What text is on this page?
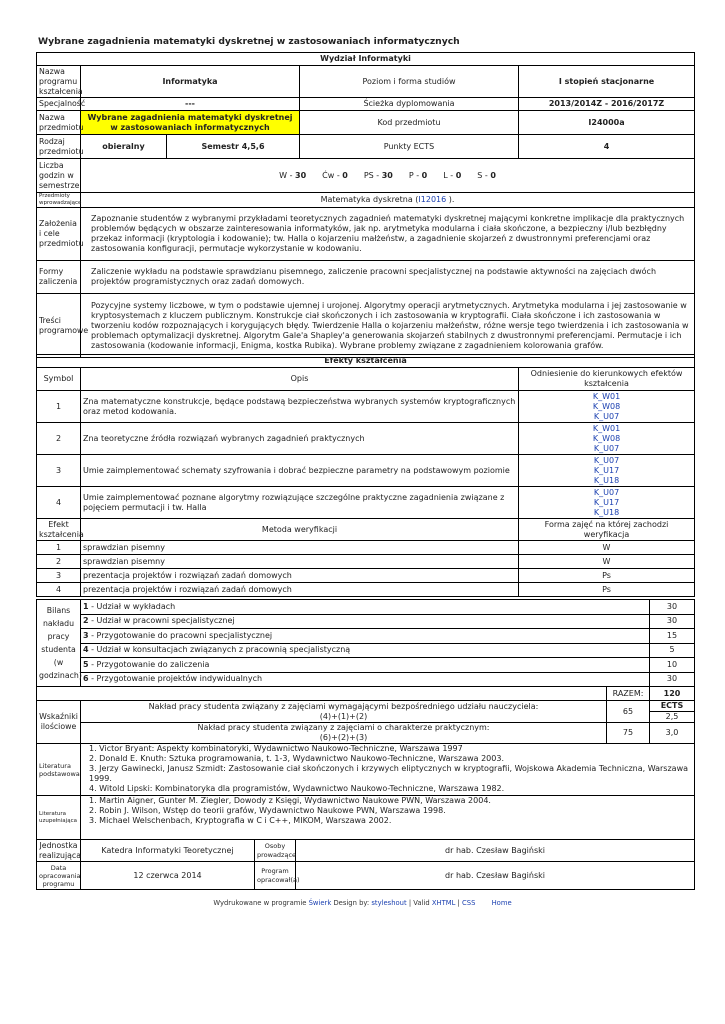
Wybrane zagadnienia matematyki dyskretnej w zastosowaniach informatycznych
Wydział Informatyki				
Nazwa programu kształcenia	Informatyka		Poziom i forma studiów	I stopień stacjonarne
Specjalność	---		Ścieżka dyplomowania	2013/2014Z - 2016/2017Z
Nazwa przedmiotu	Wybrane zagadnienia matematyki dyskretnej w zastosowaniach informatycznych		Kod przedmiotu	I24000a
Rodzaj przedmiotu	obieralny	Semestr 4,5,6	Punkty ECTS	4
Liczba godzin w semestrze	W - 30 Ćw - 0 PS - 30 P - 0 L - 0 S - 0			
Przedmioty wprowadzające	Matematyka dyskretna (I12016 ).			
Założenia i cele przedmiotu	Zapoznanie studentów z wybranymi przykładami teoretycznych zagadnień matematyki dyskretnej mającymi konkretne implikacje dla praktycznych problemów będących w obszarze zainteresowania informatyków, jak np. arytmetyka modularna i ciała skończone, a bezpieczny i/lub bezbłędny przekaz informacji (kryptologia i kodowanie); tw. Halla o kojarzeniu małżeństw, a zagadnienie skojarzeń z dwustronnymi preferencjami oraz zastosowania konfiguracji, permutacje wykorzystanie w kodowaniu.			
Formy zaliczenia	Zaliczenie wykładu na podstawie sprawdzianu pisemnego, zaliczenie pracowni specjalistycznej na podstawie aktywności na zajęciach dwóch projektów programistycznych oraz zadań domowych.			
Treści programowe	Pozycyjne systemy liczbowe, w tym o podstawie ujemnej i urojonej. Algorytmy operacji arytmetycznych. Arytmetyka modularna i jej zastosowanie w kryptosystemach z kluczem publicznym. Konstrukcje ciał skończonych i ich zastosowania w kryptografii. Ciała skończone i ich zastosowania w tworzeniu kodów rozpoznających i korygujących błędy. Twierdzenie Halla o kojarzeniu małżeństw, różne wersje tego twierdzenia i ich zastosowania w problemach optymalizacji dyskretnej. Algorytm Gale'a Shapley'a generowania skojarzeń stabilnych z dwustronnymi preferencjami. Permutacje i ich zastosowania (kodowanie informacji, Enigma, kostka Rubika). Wybrane problemy związane z zagadnieniem kolorowania grafów.			
Efekty kształcenia		
Symbol	Opis	Odniesienie do kierunkowych efektów kształcenia
1	Zna matematyczne konstrukcje, będące podstawą bezpieczeństwa wybranych systemów kryptograficznych oraz metod kodowania.	K_W01
K_W08
K_U07

2	Zna teoretyczne źródła rozwiązań wybranych zagadnień praktycznych	K_W01
K_W08
K_U07

3	Umie zaimplementować schematy szyfrowania i dobrać bezpieczne parametry na podstawowym poziomie	K_U07
K_U17
K_U18

4	Umie zaimplementować poznane algorytmy rozwiązujące szczególne praktyczne zagadnienia związane z pojęciem permutacji i tw. Halla	K_U07
K_U17
K_U18

Efekt kształcenia	Metoda weryfikacji	Forma zajęć na której zachodzi weryfikacja
1	sprawdzian pisemny	W
2	sprawdzian pisemny	W
3	prezentacja projektów i rozwiązań zadań domowych	Ps
4	prezentacja projektów i rozwiązań zadań domowych	Ps
Bilans nakładu pracy studenta (w godzinach)	1 - Udział w wykładach		30
	2 - Udział w pracowni specjalistycznej		30
	3 - Przygotowanie do pracowni specjalistycznej		15
	4 - Udział w konsultacjach związanych z pracownią specjalistyczną		5
	5 - Przygotowanie do zaliczenia		10
	6 - Przygotowanie projektów indywidualnych		30
		RAZEM:	120
Wskaźniki ilościowe	Nakład pracy studenta związany z zajęciami wymagającymi bezpośredniego udziału nauczyciela:
(4)+(1)+(2)	65	ECTS
			2,5

	Nakład pracy studenta związany z zajęciami o charakterze praktycznym:
(6)+(2)+(3)	75	3,0

Literatura podstawowa	1. Victor Bryant: Aspekty kombinatoryki, Wydawnictwo Naukowo-Techniczne, Warszawa 1997
2. Donald E. Knuth: Sztuka programowania, t. 1-3, Wydawnictwo Naukowo-Techniczne, Warszawa 2003.
3. Jerzy Gawinecki, Janusz Szmidt: Zastosowanie ciał skończonych i krzywych eliptycznych w kryptografii, Wojskowa Akademia Techniczna, Warszawa 1999.
4. Witold Lipski: Kombinatoryka dla programistów, Wydawnictwo Naukowo-Techniczne, Warszawa 1982.		

Literatura uzupełniająca	1. Martin Aigner, Gunter M. Ziegler, Dowody z Księgi, Wydawnictwo Naukowe PWN, Warszawa 2004.
2. Robin J. Wilson, Wstęp do teorii grafów, Wydawnictwo Naukowe PWN, Warszawa 1998.
3. Michael Welschenbach, Kryptografia w C i C++, MIKOM, Warszawa 2002.		

Jednostka realizująca	Katedra Informatyki Teoretycznej	Osoby prowadzące	dr hab. Czesław Bagiński
Data opracowania programu	12 czerwca 2014	Program opracował(a)	dr hab. Czesław Bagiński
Wydrukowane w programie Świerk Design by: styleshout | Valid XHTML | CSS Home
